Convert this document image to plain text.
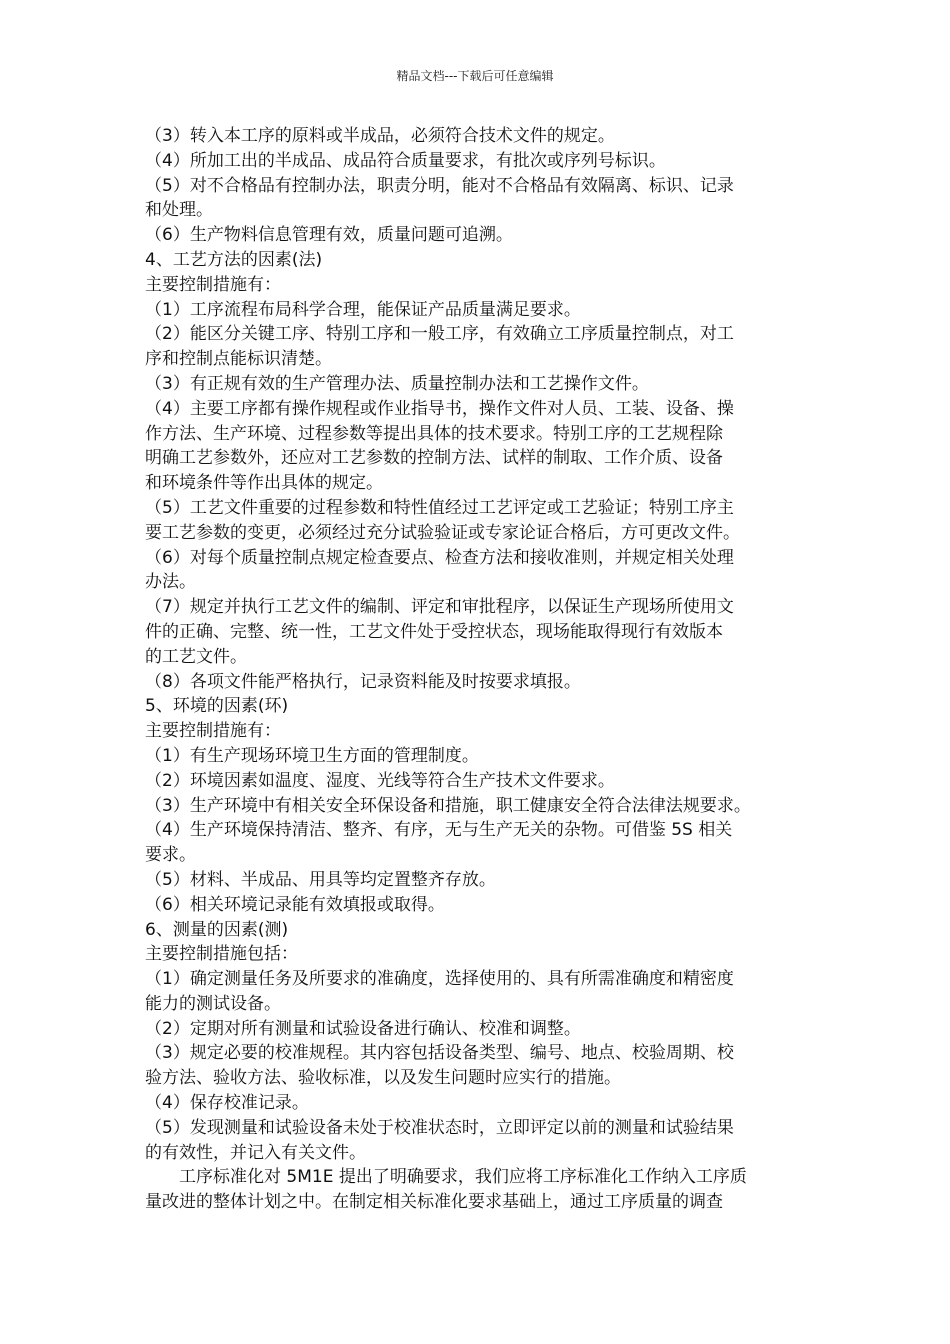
精品文档---下载后可任意编辑
（3）转入本工序的原料或半成品，必须符合技术文件的规定。
（4）所加工出的半成品、成品符合质量要求，有批次或序列号标识。
（5）对不合格品有控制办法，职责分明，能对不合格品有效隔离、标识、记录
和处理。
（6）生产物料信息管理有效，质量问题可追溯。
4、工艺方法的因素(法)
主要控制措施有：
（1）工序流程布局科学合理，能保证产品质量满足要求。
（2）能区分关键工序、特别工序和一般工序，有效确立工序质量控制点，对工
序和控制点能标识清楚。
（3）有正规有效的生产管理办法、质量控制办法和工艺操作文件。
（4）主要工序都有操作规程或作业指导书，操作文件对人员、工装、设备、操
作方法、生产环境、过程参数等提出具体的技术要求。特别工序的工艺规程除
明确工艺参数外，还应对工艺参数的控制方法、试样的制取、工作介质、设备
和环境条件等作出具体的规定。
（5）工艺文件重要的过程参数和特性值经过工艺评定或工艺验证；特别工序主
要工艺参数的变更，必须经过充分试验验证或专家论证合格后，方可更改文件。
（6）对每个质量控制点规定检查要点、检查方法和接收准则，并规定相关处理
办法。
（7）规定并执行工艺文件的编制、评定和审批程序，以保证生产现场所使用文
件的正确、完整、统一性，工艺文件处于受控状态，现场能取得现行有效版本
的工艺文件。
（8）各项文件能严格执行，记录资料能及时按要求填报。
5、环境的因素(环)
主要控制措施有：
（1）有生产现场环境卫生方面的管理制度。
（2）环境因素如温度、湿度、光线等符合生产技术文件要求。
（3）生产环境中有相关安全环保设备和措施，职工健康安全符合法律法规要求。
（4）生产环境保持清洁、整齐、有序，无与生产无关的杂物。可借鉴 5S 相关
要求。
（5）材料、半成品、用具等均定置整齐存放。
（6）相关环境记录能有效填报或取得。
6、测量的因素(测)
主要控制措施包括：
（1）确定测量任务及所要求的准确度，选择使用的、具有所需准确度和精密度
能力的测试设备。
（2）定期对所有测量和试验设备进行确认、校准和调整。
（3）规定必要的校准规程。其内容包括设备类型、编号、地点、校验周期、校
验方法、验收方法、验收标准，以及发生问题时应实行的措施。
（4）保存校准记录。
（5）发现测量和试验设备未处于校准状态时，立即评定以前的测量和试验结果
的有效性，并记入有关文件。
工序标准化对 5M1E 提出了明确要求，我们应将工序标准化工作纳入工序质
量改进的整体计划之中。在制定相关标准化要求基础上，通过工序质量的调查
